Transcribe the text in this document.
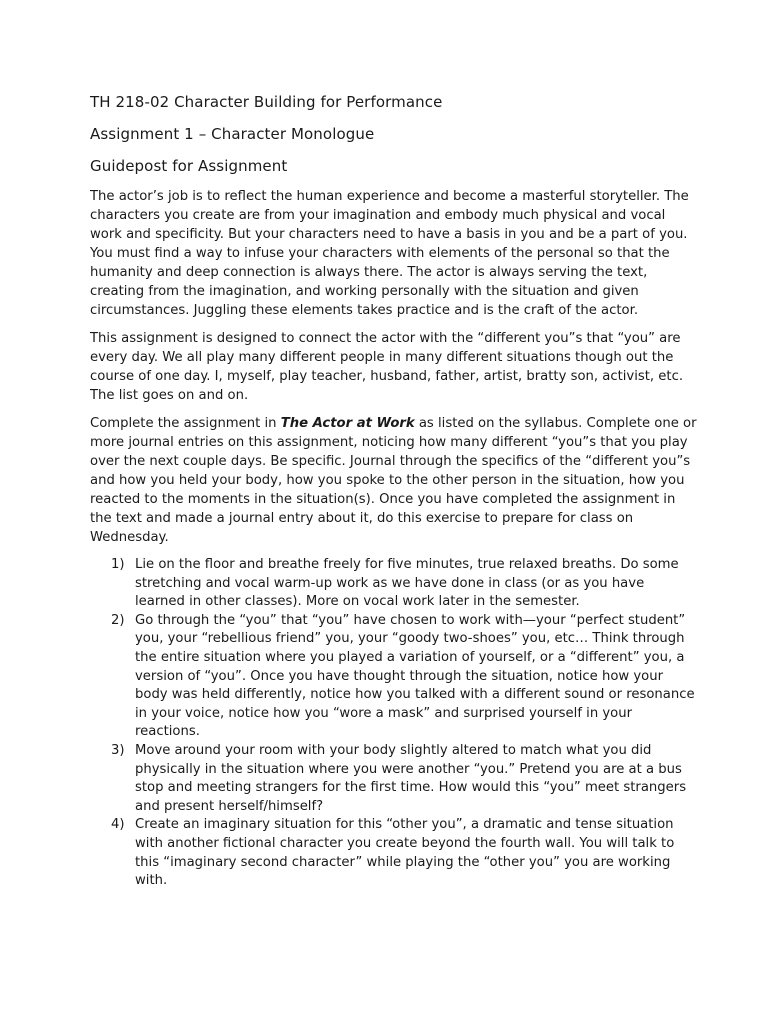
TH 218-02 Character Building for Performance
Assignment 1 – Character Monologue
Guidepost for Assignment

The actor’s job is to reflect the human experience and become a masterful storyteller. The characters you create are from your imagination and embody much physical and vocal work and specificity. But your characters need to have a basis in you and be a part of you. You must find a way to infuse your characters with elements of the personal so that the humanity and deep connection is always there. The actor is always serving the text, creating from the imagination, and working personally with the situation and given circumstances. Juggling these elements takes practice and is the craft of the actor.

This assignment is designed to connect the actor with the “different you”s that “you” are every day. We all play many different people in many different situations though out the course of one day. I, myself, play teacher, husband, father, artist, bratty son, activist, etc. The list goes on and on.

Complete the assignment in The Actor at Work as listed on the syllabus. Complete one or more journal entries on this assignment, noticing how many different “you”s that you play over the next couple days. Be specific. Journal through the specifics of the “different you”s and how you held your body, how you spoke to the other person in the situation, how you reacted to the moments in the situation(s). Once you have completed the assignment in the text and made a journal entry about it, do this exercise to prepare for class on Wednesday.

1) Lie on the floor and breathe freely for five minutes, true relaxed breaths. Do some stretching and vocal warm-up work as we have done in class (or as you have learned in other classes). More on vocal work later in the semester.
2) Go through the “you” that “you” have chosen to work with—your “perfect student” you, your “rebellious friend” you, your “goody two-shoes” you, etc… Think through the entire situation where you played a variation of yourself, or a “different” you, a version of “you”. Once you have thought through the situation, notice how your body was held differently, notice how you talked with a different sound or resonance in your voice, notice how you “wore a mask” and surprised yourself in your reactions.
3) Move around your room with your body slightly altered to match what you did physically in the situation where you were another “you.” Pretend you are at a bus stop and meeting strangers for the first time. How would this “you” meet strangers and present herself/himself?
4) Create an imaginary situation for this “other you”, a dramatic and tense situation with another fictional character you create beyond the fourth wall. You will talk to this “imaginary second character” while playing the “other you” you are working with.
